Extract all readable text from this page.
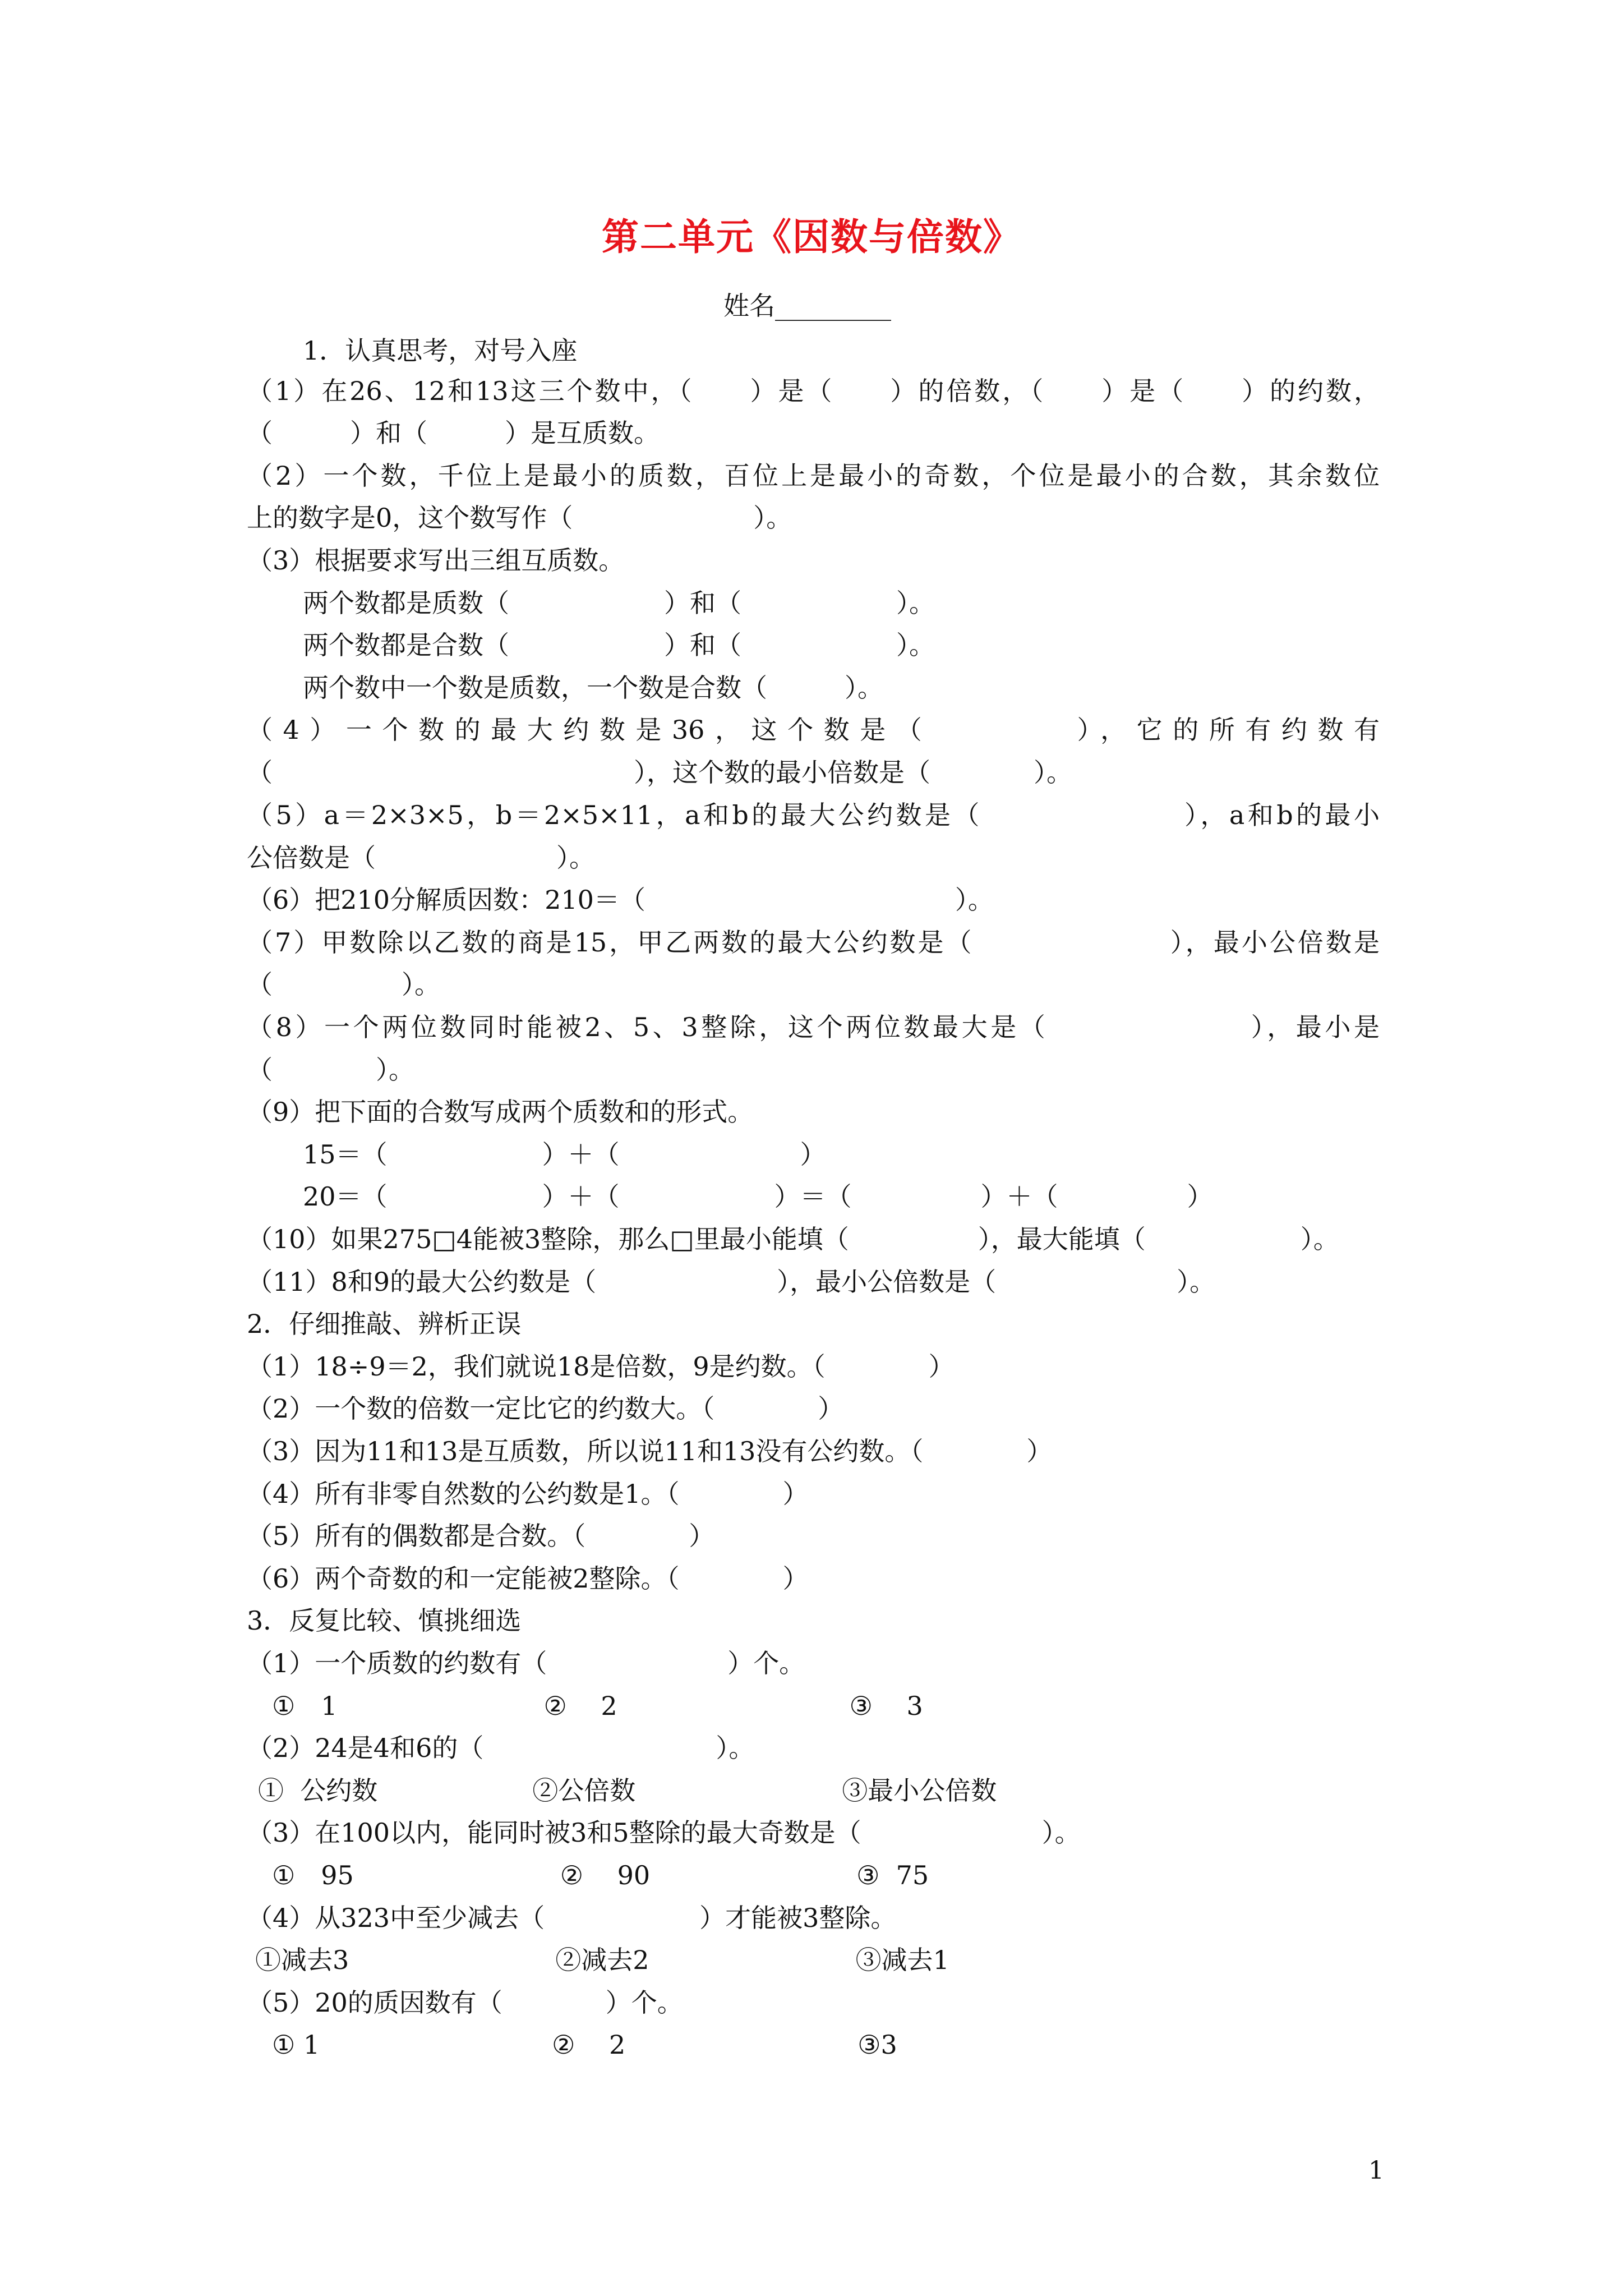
第二单元《因数与倍数》
姓名_________
1．认真思考，对号入座
（1）在26、12和13这三个数中，（　　）是（　　）的倍数，（　　）是（　　）的约数，
（　　　）和（　　　）是互质数。
（2）一个数，千位上是最小的质数，百位上是最小的奇数，个位是最小的合数，其余数位
上的数字是0，这个数写作（　　　　　　　）。
（3）根据要求写出三组互质数。
两个数都是质数（　　　　　　）和（　　　　　　）。
两个数都是合数（　　　　　　）和（　　　　　　）。
两个数中一个数是质数，一个数是合数（　　　）。
（4）一个数的最大约数是36，这个数是（　　　　），它的所有约数有
（　　　　　　　　　　　　　　），这个数的最小倍数是（　　　　）。
（5）a＝2×3×5，b＝2×5×11，a和b的最大公约数是（　　　　　　　），a和b的最小
公倍数是（　　　　　　　）。
（6）把210分解质因数：210＝（　　　　　　　　　　　　）。
（7）甲数除以乙数的商是15，甲乙两数的最大公约数是（　　　　　　　），最小公倍数是
（　　　　　）。
（8）一个两位数同时能被2、5、3整除，这个两位数最大是（　　　　　　　），最小是
（　　　　）。
（9）把下面的合数写成两个质数和的形式。
15＝（　　　　　　）＋（　　　　　　　）
20＝（　　　　　　）＋（　　　　　　）＝（　　　　　）＋（　　　　　）
（10）如果275□4能被3整除，那么□里最小能填（　　　　　），最大能填（　　　　　　）。
（11）8和9的最大公约数是（　　　　　　　），最小公倍数是（　　　　　　　）。
2．仔细推敲、辨析正误
（1）18÷9＝2，我们就说18是倍数，9是约数。（　　　　）
（2）一个数的倍数一定比它的约数大。（　　　　）
（3）因为11和13是互质数，所以说11和13没有公约数。（　　　　）
（4）所有非零自然数的公约数是1。（　　　　）
（5）所有的偶数都是合数。（　　　　）
（6）两个奇数的和一定能被2整除。（　　　　）
3．反复比较、慎挑细选
（1）一个质数的约数有（　　　　　　　）个。
①　1　　　　　　　　②　 2　　　　　　　　　③　 3
（2）24是4和6的（　　　　　　　　　）。
①  公约数　　　　　　②公倍数　　　　　　　　③最小公倍数
（3）在100以内，能同时被3和5整除的最大奇数是（　　　　　　　）。
①　95　　　　　　　　②　 90　　　　　　　　③  75
（4）从323中至少减去（　　　　　　）才能被3整除。
①减去3　　　　　　　　②减去2　　　　　　　　③减去1
（5）20的质因数有（　　　　）个。
① 1　　　　　　　　　② 　2　　　　　　　　　③3
1
